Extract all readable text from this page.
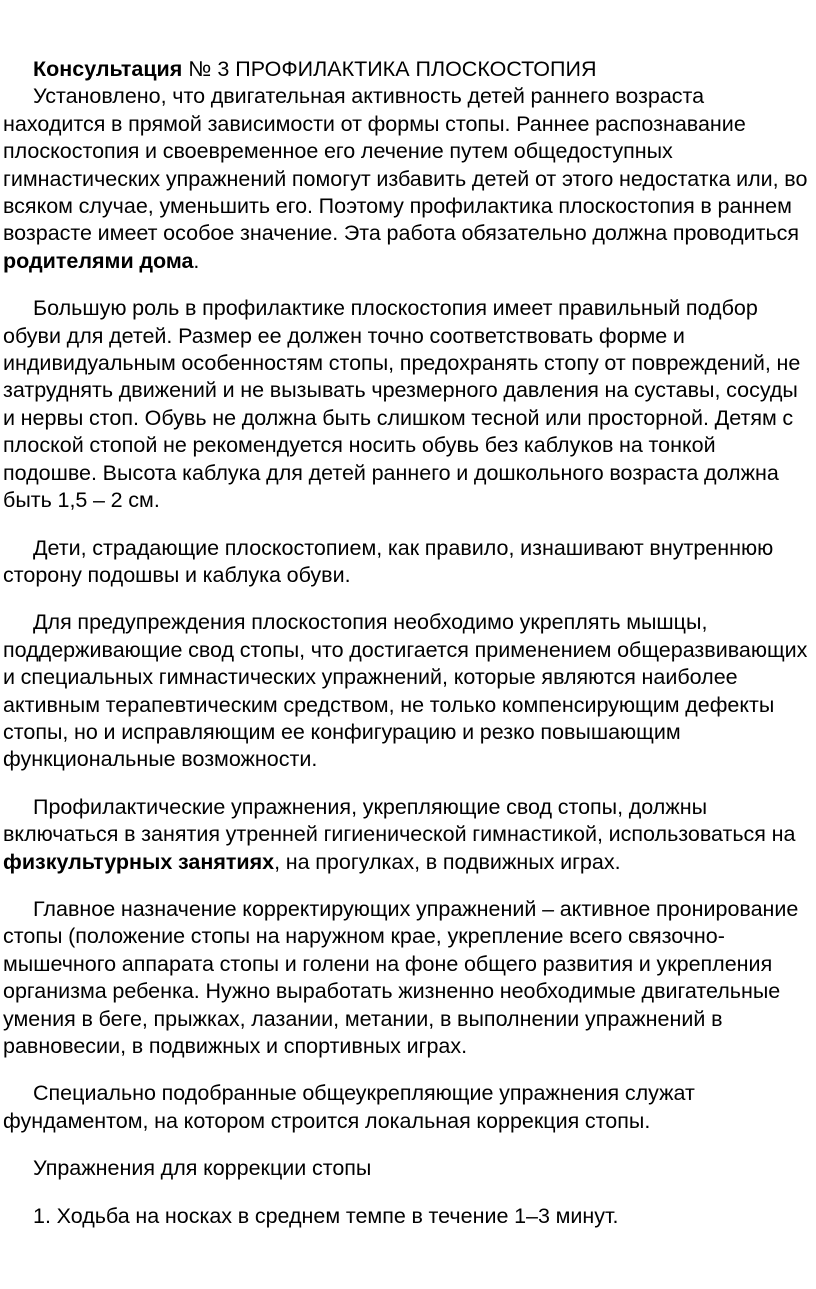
Консультация № 3 ПРОФИЛАКТИКА ПЛОСКОСТОПИЯ

Установлено, что двигательная активность детей раннего возраста находится в прямой зависимости от формы стопы. Раннее распознавание плоскостопия и своевременное его лечение путем общедоступных гимнастических упражнений помогут избавить детей от этого недостатка или, во всяком случае, уменьшить его. Поэтому профилактика плоскостопия в раннем возрасте имеет особое значение. Эта работа обязательно должна проводиться родителями дома.

Большую роль в профилактике плоскостопия имеет правильный подбор обуви для детей. Размер ее должен точно соответствовать форме и индивидуальным особенностям стопы, предохранять стопу от повреждений, не затруднять движений и не вызывать чрезмерного давления на суставы, сосуды и нервы стоп. Обувь не должна быть слишком тесной или просторной. Детям с плоской стопой не рекомендуется носить обувь без каблуков на тонкой подошве. Высота каблука для детей раннего и дошкольного возраста должна быть 1,5 – 2 см.

Дети, страдающие плоскостопием, как правило, изнашивают внутреннюю сторону подошвы и каблука обуви.

Для предупреждения плоскостопия необходимо укреплять мышцы, поддерживающие свод стопы, что достигается применением общеразвивающих и специальных гимнастических упражнений, которые являются наиболее активным терапевтическим средством, не только компенсирующим дефекты стопы, но и исправляющим ее конфигурацию и резко повышающим функциональные возможности.

Профилактические упражнения, укрепляющие свод стопы, должны включаться в занятия утренней гигиенической гимнастикой, использоваться на физкультурных занятиях, на прогулках, в подвижных играх.

Главное назначение корректирующих упражнений – активное пронирование стопы (положение стопы на наружном крае, укрепление всего связочно-мышечного аппарата стопы и голени на фоне общего развития и укрепления организма ребенка. Нужно выработать жизненно необходимые двигательные умения в беге, прыжках, лазании, метании, в выполнении упражнений в равновесии, в подвижных и спортивных играх.

Специально подобранные общеукрепляющие упражнения служат фундаментом, на котором строится локальная коррекция стопы.

Упражнения для коррекции стопы

1. Ходьба на носках в среднем темпе в течение 1–3 минут.
